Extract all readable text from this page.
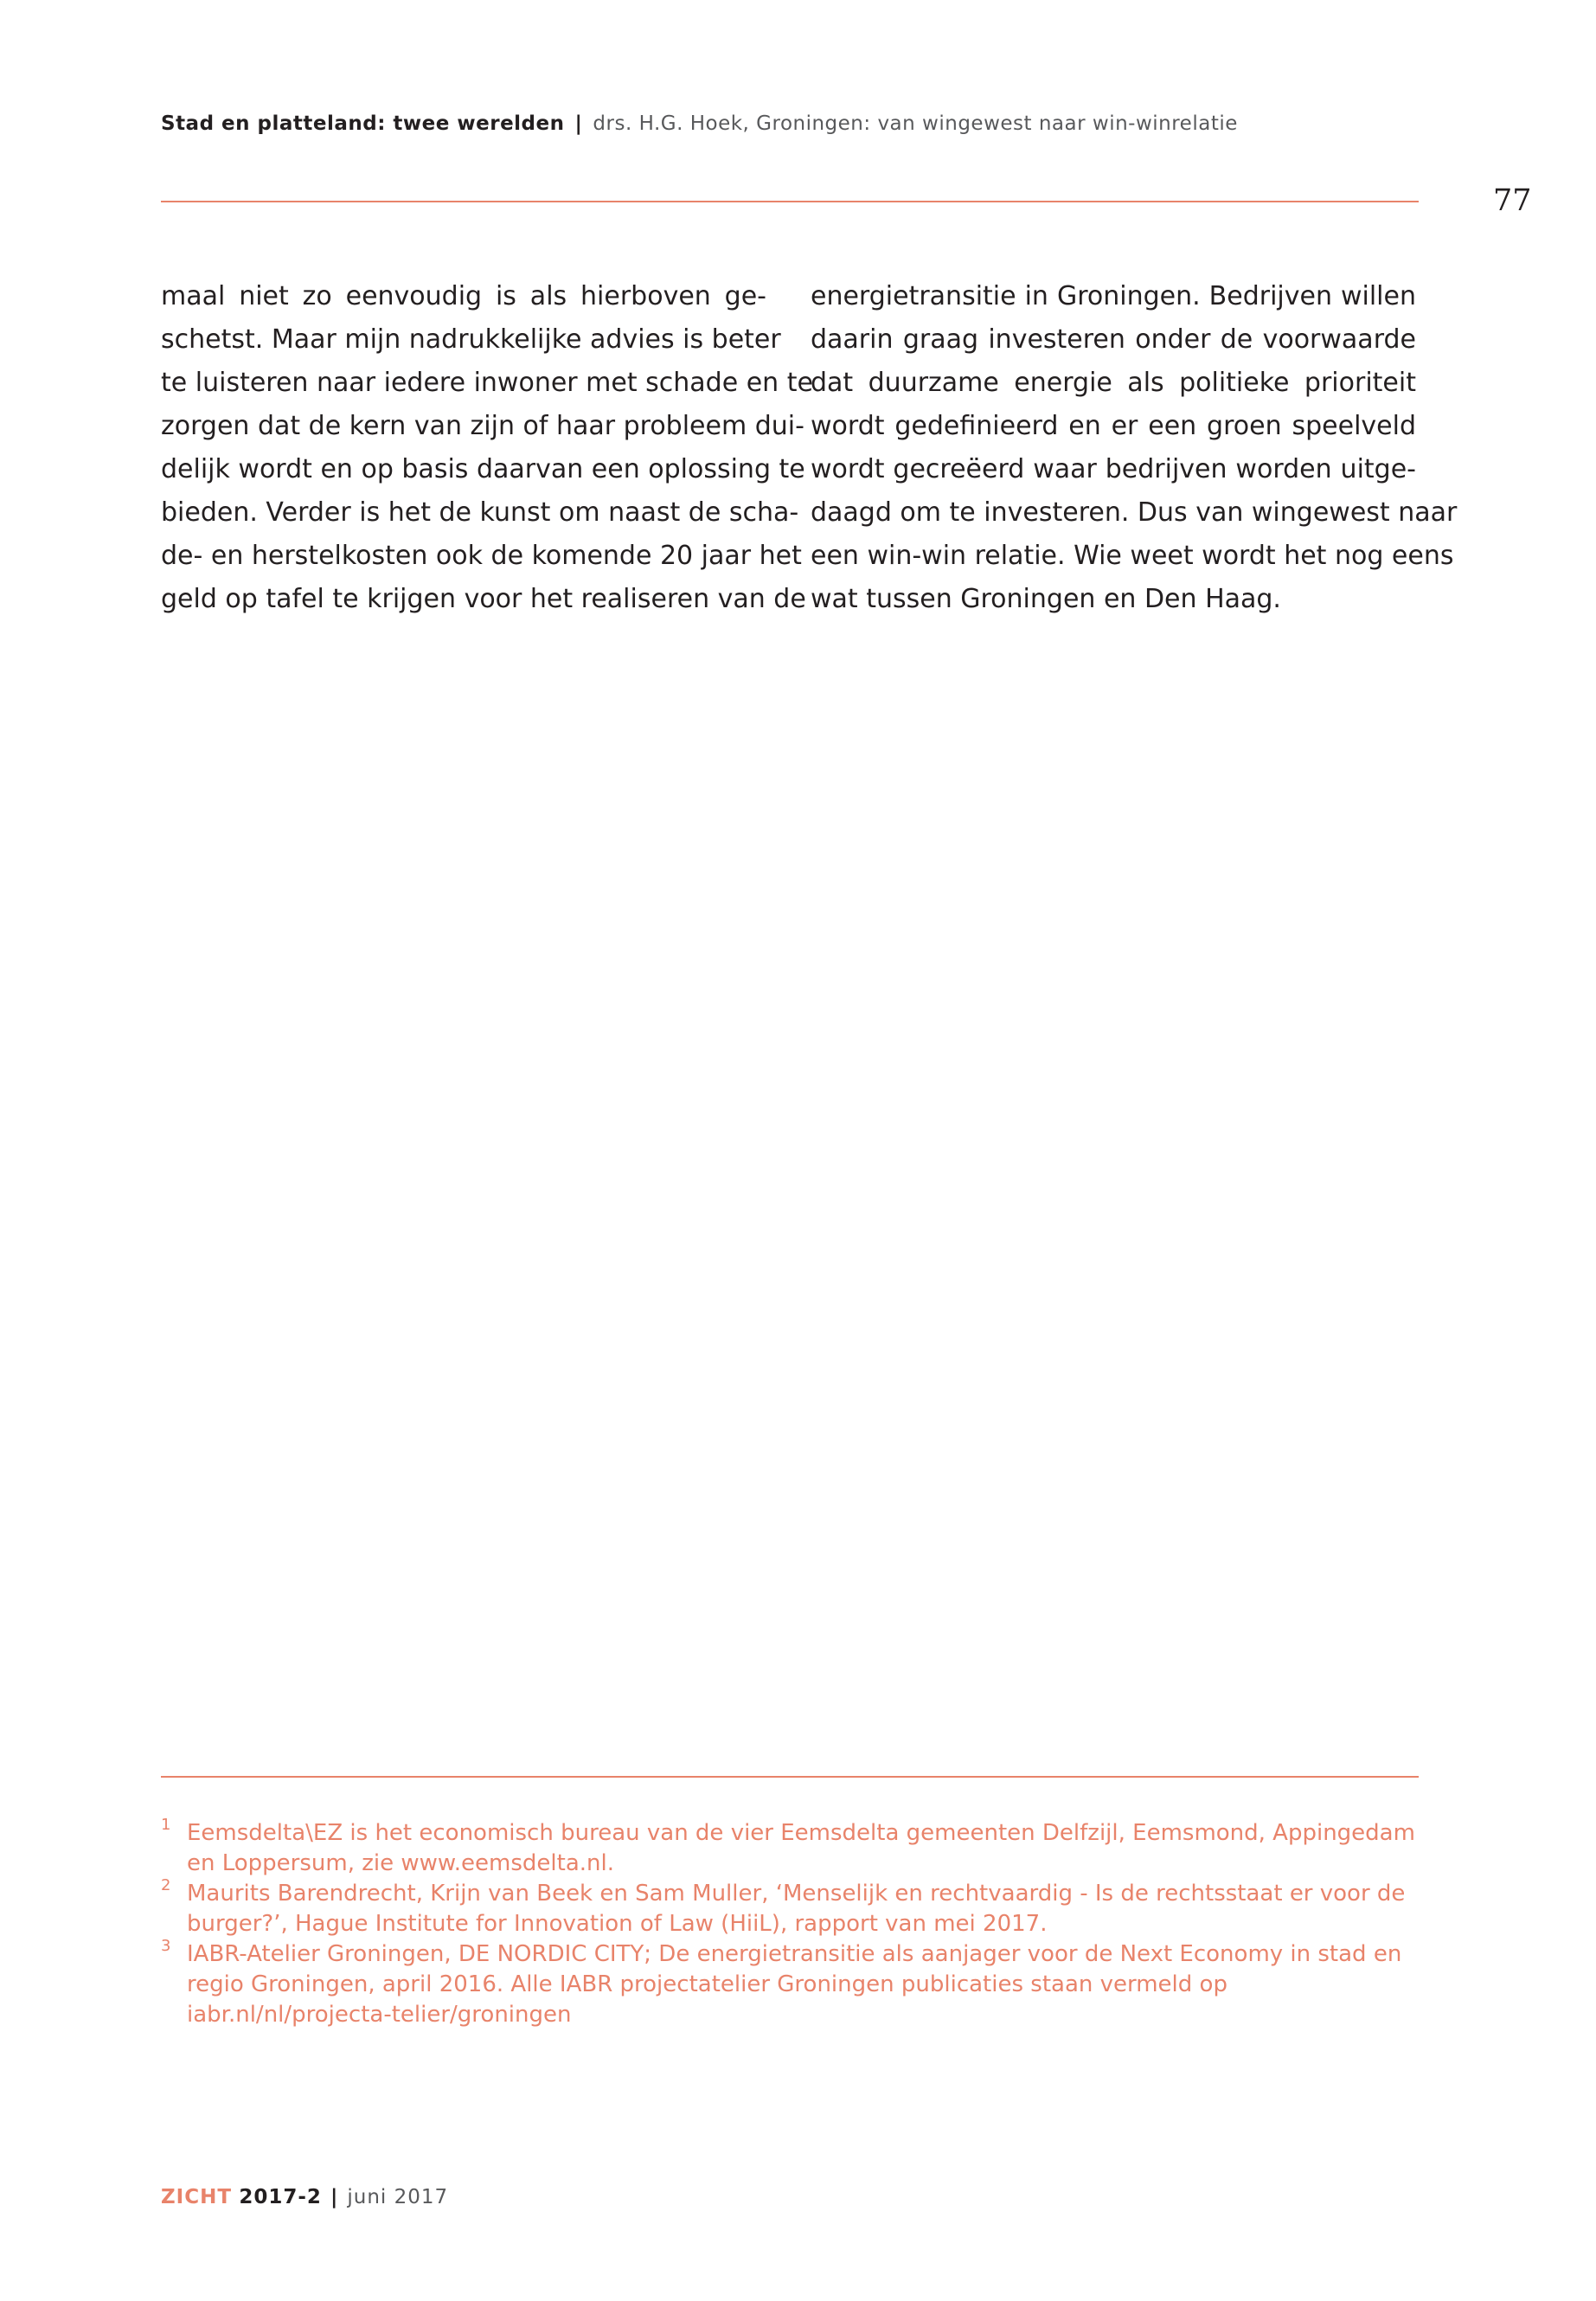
Stad en platteland: twee werelden | drs. H.G. Hoek, Groningen: van wingewest naar win-winrelatie
77
maal niet zo eenvoudig is als hierboven ge-
schetst. Maar mijn nadrukkelijke advies is beter
te luisteren naar iedere inwoner met schade en te
zorgen dat de kern van zijn of haar probleem dui-
delijk wordt en op basis daarvan een oplossing te
bieden. Verder is het de kunst om naast de scha-
de- en herstelkosten ook de komende 20 jaar het
geld op tafel te krijgen voor het realiseren van de
energietransitie in Groningen. Bedrijven willen
daarin graag investeren onder de voorwaarde
dat duurzame energie als politieke prioriteit
wordt gedefinieerd en er een groen speelveld
wordt gecreëerd waar bedrijven worden uitge-
daagd om te investeren. Dus van wingewest naar
een win-win relatie. Wie weet wordt het nog eens
wat tussen Groningen en Den Haag.
1 Eemsdelta\EZ is het economisch bureau van de vier Eemsdelta gemeenten Delfzijl, Eemsmond, Appingedam en Loppersum, zie www.eemsdelta.nl.
2 Maurits Barendrecht, Krijn van Beek en Sam Muller, ‘Menselijk en rechtvaardig - Is de rechtsstaat er voor de burger?’, Hague Institute for Innovation of Law (HiiL), rapport van mei 2017.
3 IABR-Atelier Groningen, DE NORDIC CITY; De energietransitie als aanjager voor de Next Economy in stad en regio Groningen, april 2016. Alle IABR projectatelier Groningen publicaties staan vermeld op iabr.nl/nl/projecta-telier/groningen
ZICHT 2017-2 | juni 2017
